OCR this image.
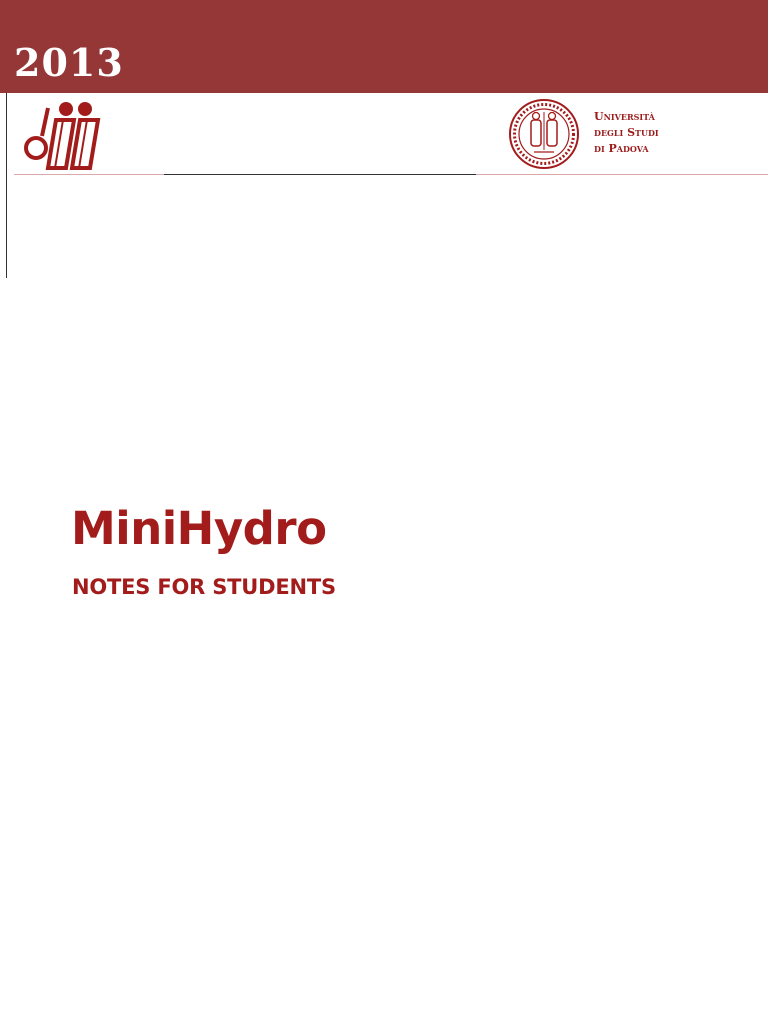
2013
Università
degli Studi
di Padova
MiniHydro
NOTES FOR STUDENTS
